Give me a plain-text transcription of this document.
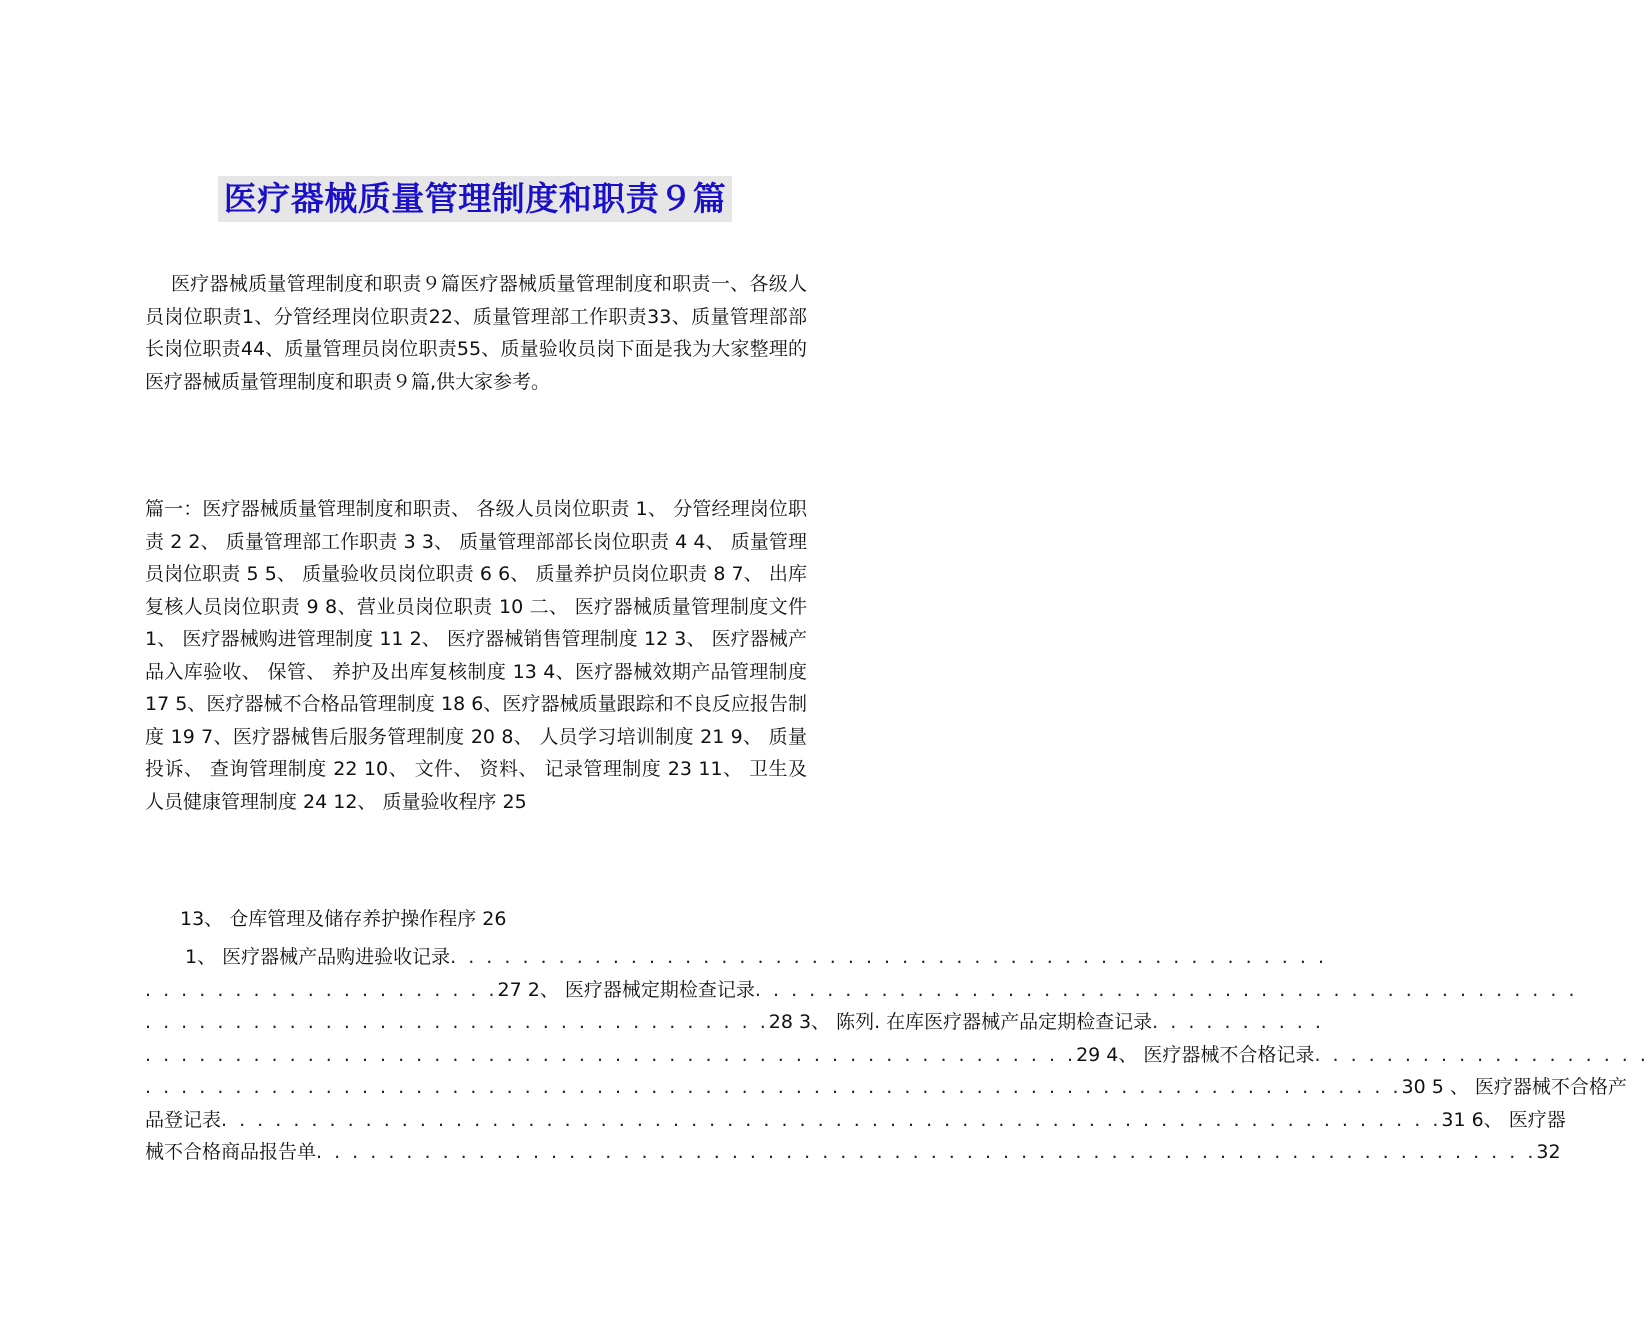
医疗器械质量管理制度和职责９篇

医疗器械质量管理制度和职责９篇医疗器械质量管理制度和职责一、各级人员岗位职责1、分管经理岗位职责22、质量管理部工作职责33、质量管理部部长岗位职责44、质量管理员岗位职责55、质量验收员岗下面是我为大家整理的医疗器械质量管理制度和职责９篇,供大家参考。

篇一：医疗器械质量管理制度和职责、 各级人员岗位职责 1、 分管经理岗位职责 2 2、 质量管理部工作职责 3 3、 质量管理部部长岗位职责 4 4、 质量管理员岗位职责 5 5、 质量验收员岗位职责 6 6、 质量养护员岗位职责 8 7、 出库复核人员岗位职责 9 8、营业员岗位职责 10 二、 医疗器械质量管理制度文件 1、 医疗器械购进管理制度 11 2、 医疗器械销售管理制度 12 3、 医疗器械产品入库验收、 保管、 养护及出库复核制度 13 4、医疗器械效期产品管理制度 17 5、医疗器械不合格品管理制度 18 6、医疗器械质量跟踪和不良反应报告制度 19 7、医疗器械售后服务管理制度 20 8、 人员学习培训制度 21 9、 质量投诉、 查询管理制度 22 10、 文件、 资料、 记录管理制度 23 11、 卫生及人员健康管理制度 24 12、 质量验收程序 25

13、 仓库管理及储存养护操作程序 26

1、 医疗器械产品购进验收记录 . . . . . . . . . . . . . . . . . . . . . . . . . . . . . . . . . . . . . . . . . . . . . . . . .
. . . . . . . . . . . . . . . . . . . . 27 2、 医疗器械定期检查记录 . . . . . . . . . . . . . . . . . . . . . . . . . . . . . . . . . . . . . . . . . . . . . .
. . . . . . . . . . . . . . . . . . . . . . . . . . . . . . . . . . . 28 3、 陈列. 在库医疗器械产品定期检查记录 . . . . . . . . . .
. . . . . . . . . . . . . . . . . . . . . . . . . . . . . . . . . . . . . . . . . . . . . . . . . . . . 29 4、 医疗器械不合格记录 . . . . . . . . . . . . . . . . . . .
. . . . . . . . . . . . . . . . . . . . . . . . . . . . . . . . . . . . . . . . . . . . . . . . . . . . . . . . . . . . . . . . . . . . . . 30 5 、 医疗器械不合格产
品登记表 . . . . . . . . . . . . . . . . . . . . . . . . . . . . . . . . . . . . . . . . . . . . . . . . . . . . . . . . . . . . . . . . . . . . 31 6、 医疗器
械不合格商品报告单 . . . . . . . . . . . . . . . . . . . . . . . . . . . . . . . . . . . . . . . . . . . . . . . . . . . . . . . . . . . . . . . . . . . . 32
